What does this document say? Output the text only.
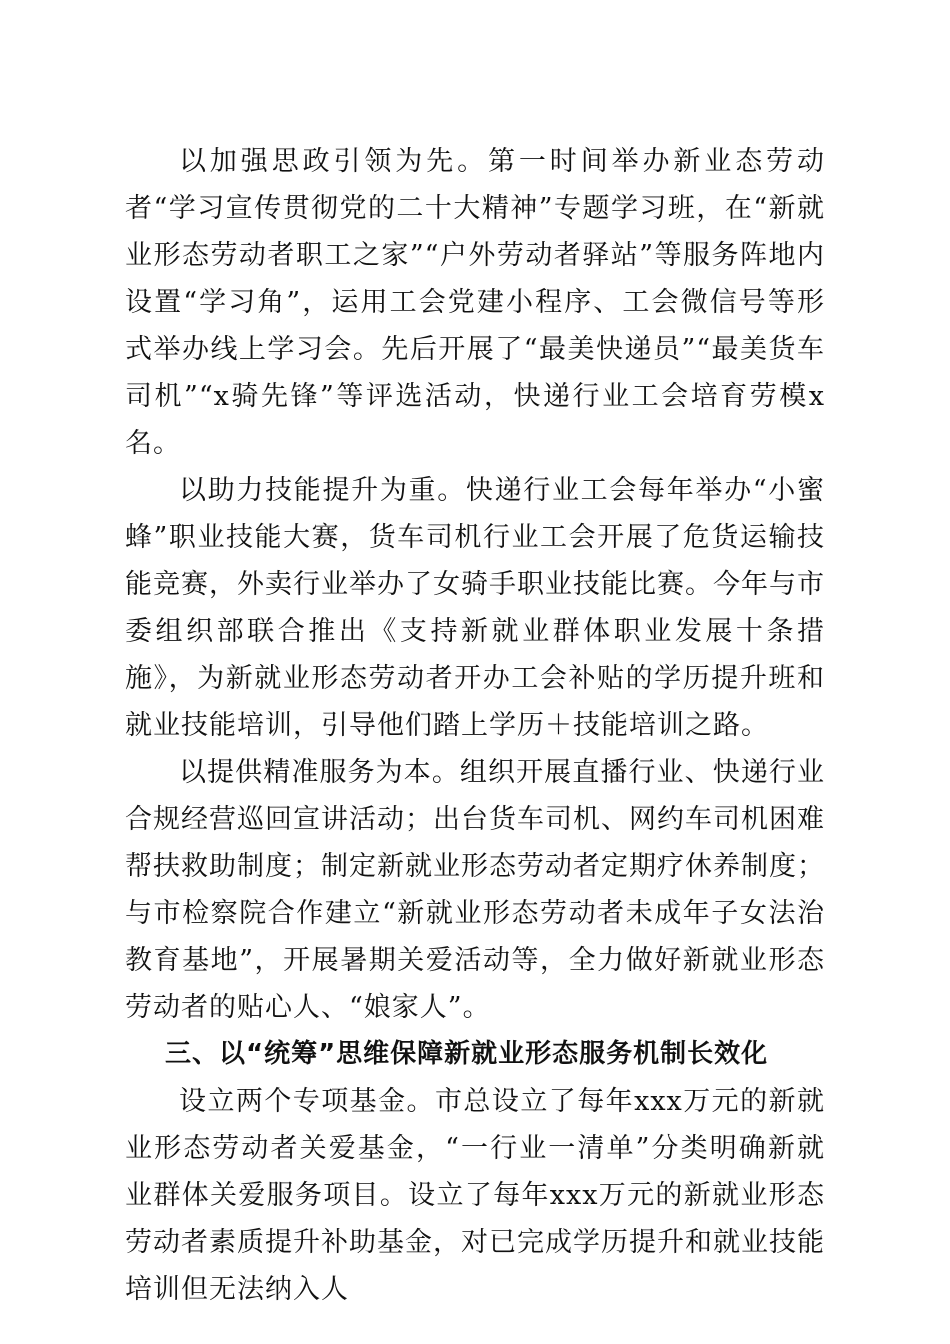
以加强思政引领为先。第一时间举办新业态劳动者“学习宣传贯彻党的二十大精神”专题学习班，在“新就业形态劳动者职工之家”“户外劳动者驿站”等服务阵地内设置“学习角”，运用工会党建小程序、工会微信号等形式举办线上学习会。先后开展了“最美快递员”“最美货车司机”“x骑先锋”等评选活动，快递行业工会培育劳模x名。

以助力技能提升为重。快递行业工会每年举办“小蜜蜂”职业技能大赛，货车司机行业工会开展了危货运输技能竞赛，外卖行业举办了女骑手职业技能比赛。今年与市委组织部联合推出《支持新就业群体职业发展十条措施》，为新就业形态劳动者开办工会补贴的学历提升班和就业技能培训，引导他们踏上学历＋技能培训之路。

以提供精准服务为本。组织开展直播行业、快递行业合规经营巡回宣讲活动；出台货车司机、网约车司机困难帮扶救助制度；制定新就业形态劳动者定期疗休养制度；与市检察院合作建立“新就业形态劳动者未成年子女法治教育基地”，开展暑期关爱活动等，全力做好新就业形态劳动者的贴心人、“娘家人”。

三、以“统筹”思维保障新就业形态服务机制长效化

设立两个专项基金。市总设立了每年xxx万元的新就业形态劳动者关爱基金，“一行业一清单”分类明确新就业群体关爱服务项目。设立了每年xxx万元的新就业形态劳动者素质提升补助基金，对已完成学历提升和就业技能培训但无法纳入人
